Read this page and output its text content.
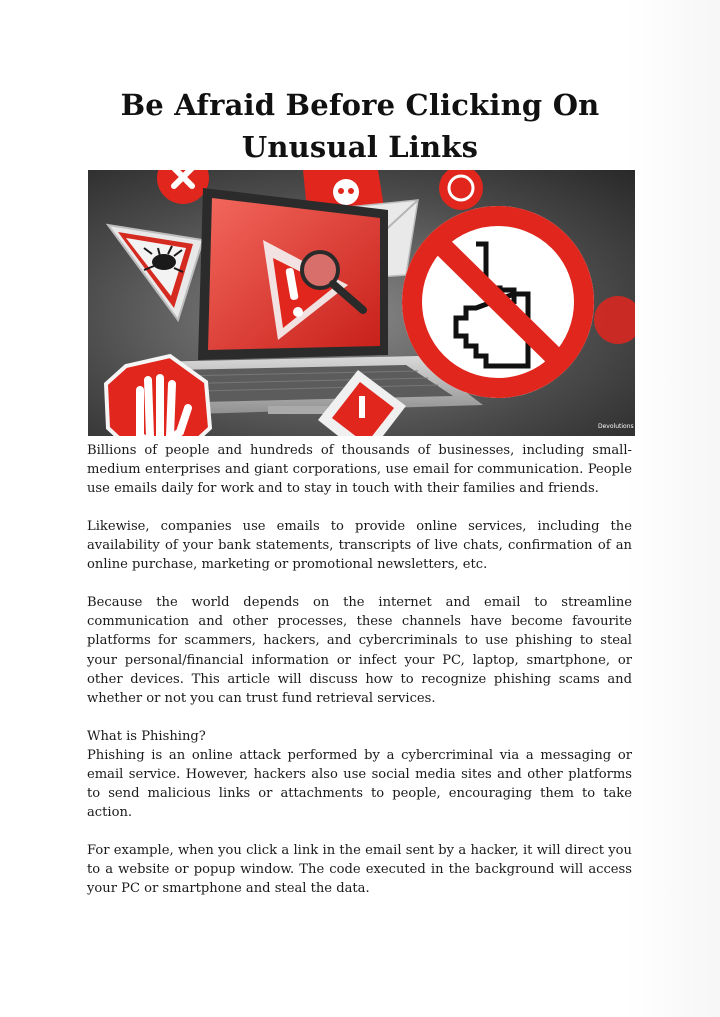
Be Afraid Before Clicking On
Unusual Links
Devolutions

Billions of people and hundreds of thousands of businesses, including small-medium enterprises and giant corporations, use email for communication. People use emails daily for work and to stay in touch with their families and friends.

Likewise, companies use emails to provide online services, including the availability of your bank statements, transcripts of live chats, confirmation of an online purchase, marketing or promotional newsletters, etc.

Because the world depends on the internet and email to streamline communication and other processes, these channels have become favourite platforms for scammers, hackers, and cybercriminals to use phishing to steal your personal/financial information or infect your PC, laptop, smartphone, or other devices. This article will discuss how to recognize phishing scams and whether or not you can trust fund retrieval services.

What is Phishing?

Phishing is an online attack performed by a cybercriminal via a messaging or email service. However, hackers also use social media sites and other platforms to send malicious links or attachments to people, encouraging them to take action.

For example, when you click a link in the email sent by a hacker, it will direct you to a website or popup window. The code executed in the background will access your PC or smartphone and steal the data.
